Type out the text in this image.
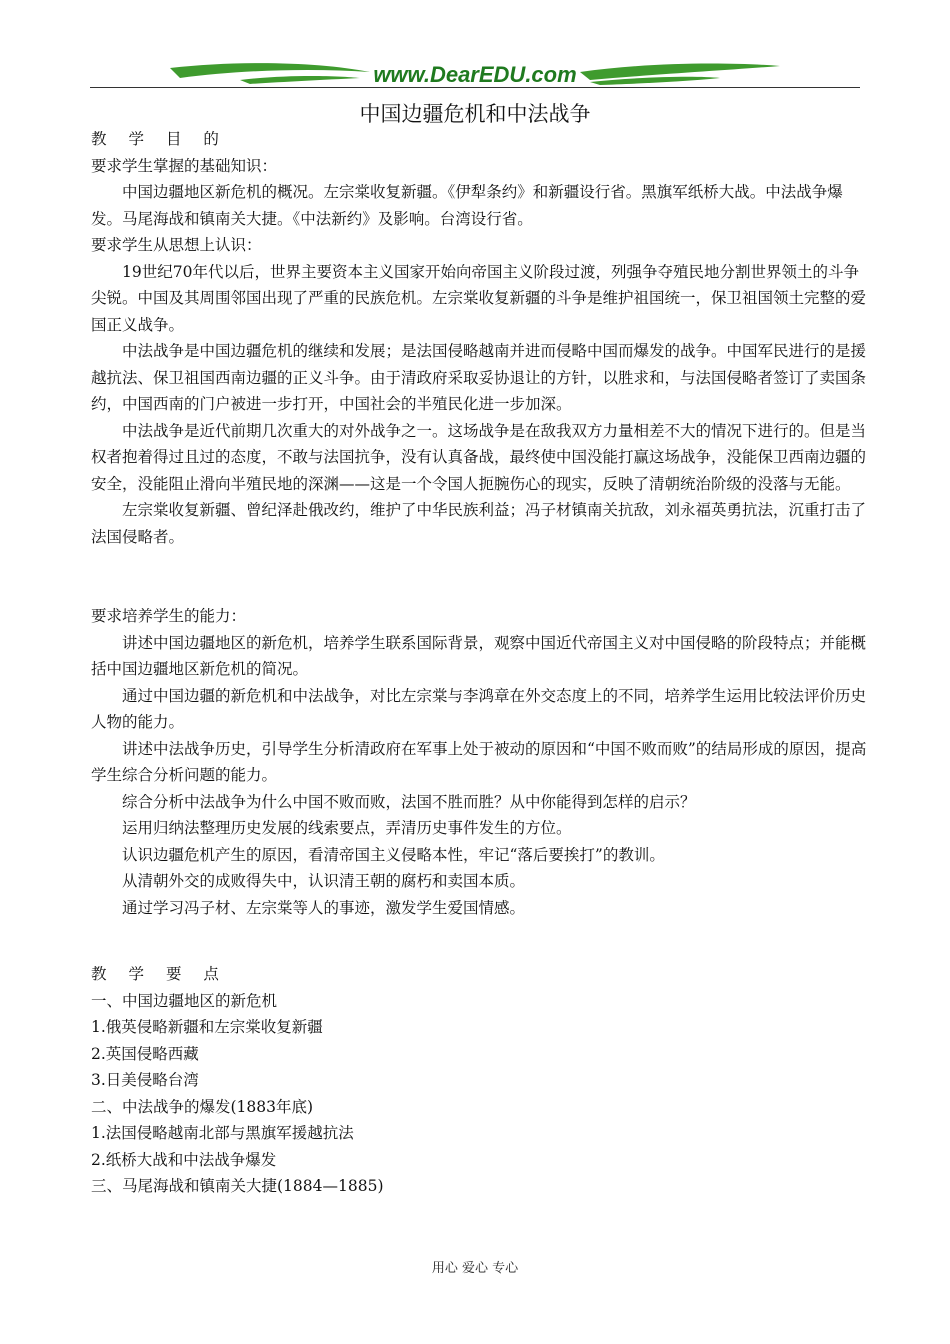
www.DearEDU.com
中国边疆危机和中法战争

教 学 目 的

要求学生掌握的基础知识：

中国边疆地区新危机的概况。左宗棠收复新疆。《伊犁条约》和新疆设行省。黑旗军纸桥大战。中法战争爆发。马尾海战和镇南关大捷。《中法新约》及影响。台湾设行省。

要求学生从思想上认识：

19世纪70年代以后，世界主要资本主义国家开始向帝国主义阶段过渡，列强争夺殖民地分割世界领土的斗争尖锐。中国及其周围邻国出现了严重的民族危机。左宗棠收复新疆的斗争是维护祖国统一，保卫祖国领土完整的爱国正义战争。

中法战争是中国边疆危机的继续和发展；是法国侵略越南并进而侵略中国而爆发的战争。中国军民进行的是援越抗法、保卫祖国西南边疆的正义斗争。由于清政府采取妥协退让的方针，以胜求和，与法国侵略者签订了卖国条约，中国西南的门户被进一步打开，中国社会的半殖民化进一步加深。

中法战争是近代前期几次重大的对外战争之一。这场战争是在敌我双方力量相差不大的情况下进行的。但是当权者抱着得过且过的态度，不敢与法国抗争，没有认真备战，最终使中国没能打赢这场战争，没能保卫西南边疆的安全，没能阻止滑向半殖民地的深渊——这是一个令国人扼腕伤心的现实，反映了清朝统治阶级的没落与无能。

左宗棠收复新疆、曾纪泽赴俄改约，维护了中华民族利益；冯子材镇南关抗敌，刘永福英勇抗法，沉重打击了法国侵略者。

要求培养学生的能力：

讲述中国边疆地区的新危机，培养学生联系国际背景，观察中国近代帝国主义对中国侵略的阶段特点；并能概括中国边疆地区新危机的简况。

通过中国边疆的新危机和中法战争，对比左宗棠与李鸿章在外交态度上的不同，培养学生运用比较法评价历史人物的能力。

讲述中法战争历史，引导学生分析清政府在军事上处于被动的原因和“中国不败而败”的结局形成的原因，提高学生综合分析问题的能力。

综合分析中法战争为什么中国不败而败，法国不胜而胜？从中你能得到怎样的启示？

运用归纳法整理历史发展的线索要点，弄清历史事件发生的方位。

认识边疆危机产生的原因，看清帝国主义侵略本性，牢记“落后要挨打”的教训。

从清朝外交的成败得失中，认识清王朝的腐朽和卖国本质。

通过学习冯子材、左宗棠等人的事迹，激发学生爱国情感。

教 学 要 点

一、中国边疆地区的新危机

1.俄英侵略新疆和左宗棠收复新疆

2.英国侵略西藏

3.日美侵略台湾

二、中法战争的爆发(1883年底)

1.法国侵略越南北部与黑旗军援越抗法

2.纸桥大战和中法战争爆发

三、马尾海战和镇南关大捷(1884—1885)

用心 爱心 专心
